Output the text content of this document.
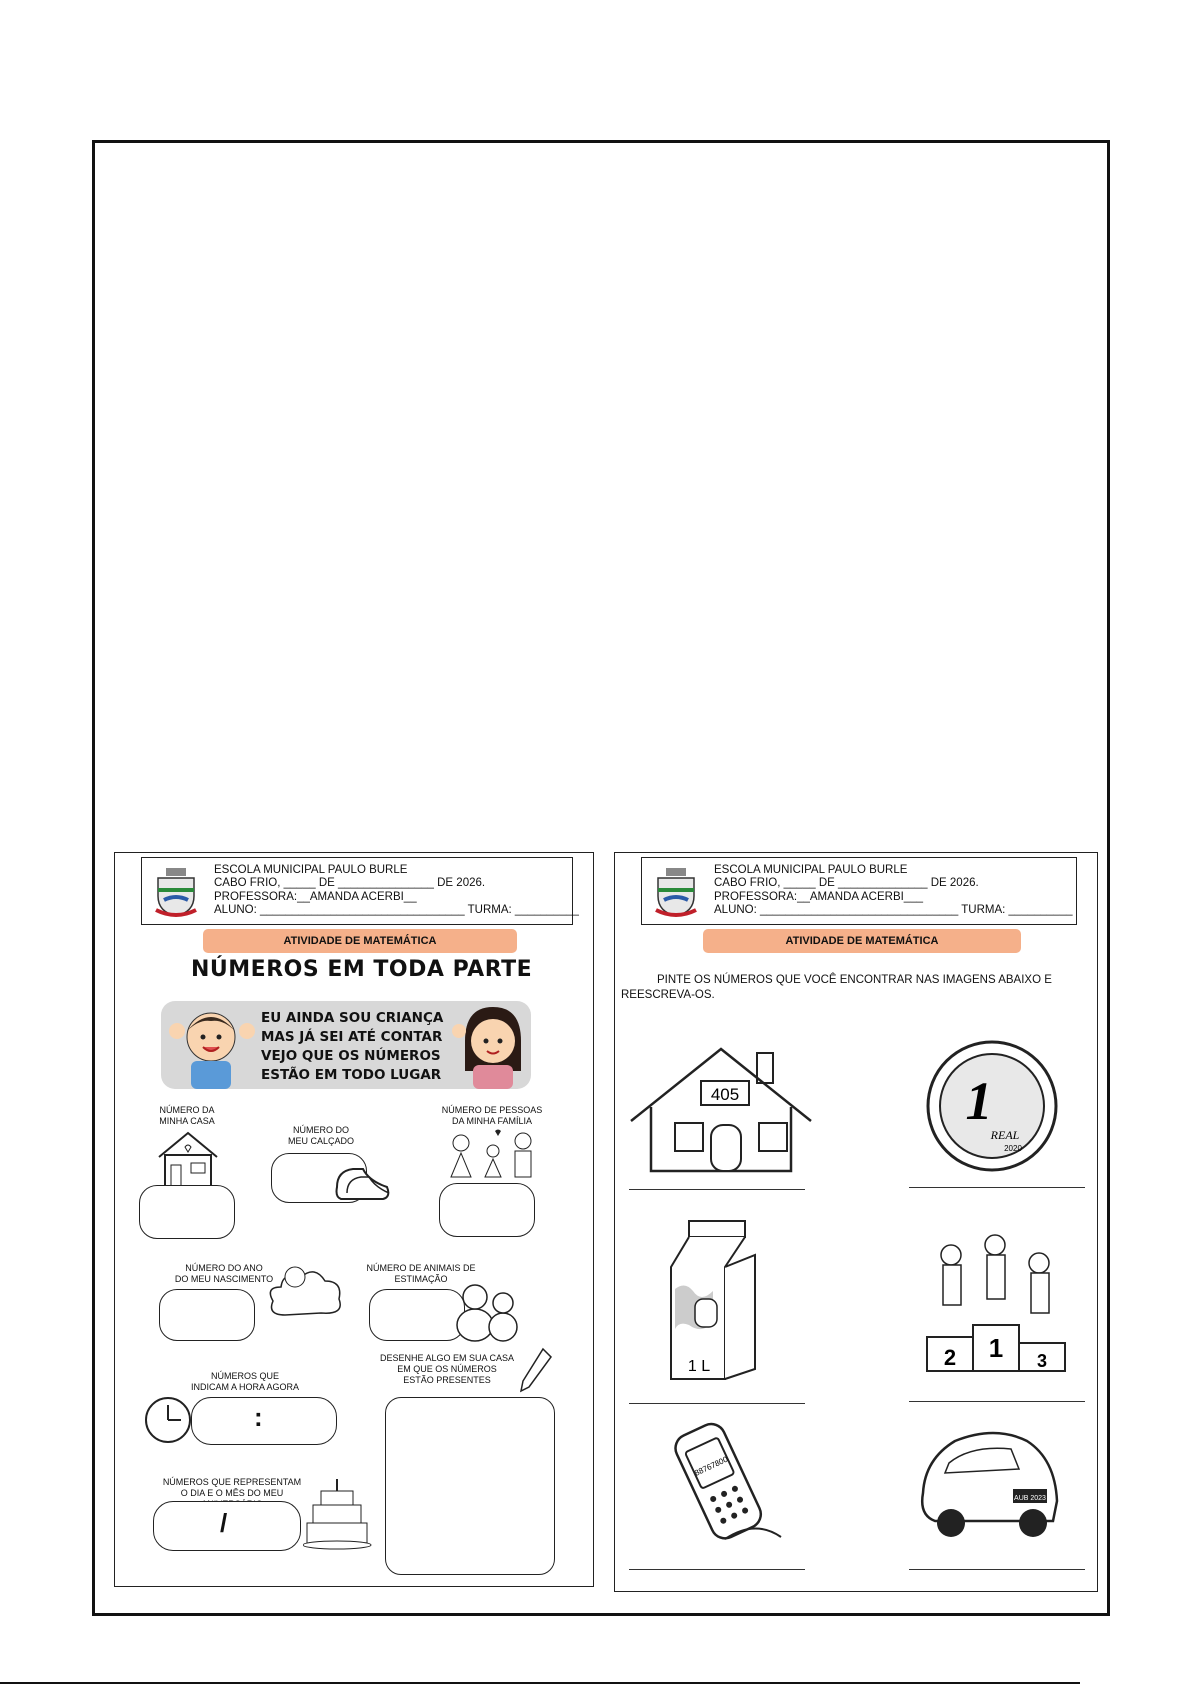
ESCOLA MUNICIPAL PAULO BURLE
CABO FRIO, _____ DE _______________ DE 2026.
PROFESSORA:__AMANDA ACERBI__
ALUNO: ________________________________ TURMA: __________
ATIVIDADE DE MATEMÁTICA
NÚMEROS EM TODA PARTE
EU AINDA SOU CRIANÇA
MAS JÁ SEI ATÉ CONTAR
VEJO QUE OS NÚMEROS
ESTÃO EM TODO LUGAR
NÚMERO DA
MINHA CASA
NÚMERO DO
MEU CALÇADO
NÚMERO DE PESSOAS
DA MINHA FAMÍLIA
NÚMERO DO ANO
DO MEU NASCIMENTO
NÚMERO DE ANIMAIS DE
ESTIMAÇÃO
NÚMEROS QUE
INDICAM A HORA AGORA
:
DESENHE ALGO EM SUA CASA
EM QUE OS NÚMEROS
ESTÃO PRESENTES
NÚMEROS QUE REPRESENTAM
O DIA E O MÊS DO MEU
/
ESCOLA MUNICIPAL PAULO BURLE
CABO FRIO, _____ DE ______________ DE 2026.
PROFESSORA:__AMANDA ACERBI___
ALUNO: _______________________________ TURMA: __________
ATIVIDADE DE MATEMÁTICA
PINTE OS NÚMEROS QUE VOCÊ ENCONTRAR NAS IMAGENS ABAIXO E REESCREVA-OS.
405	1
REAL
2020
1 L	2 1 3
88767800
AUB 2023
